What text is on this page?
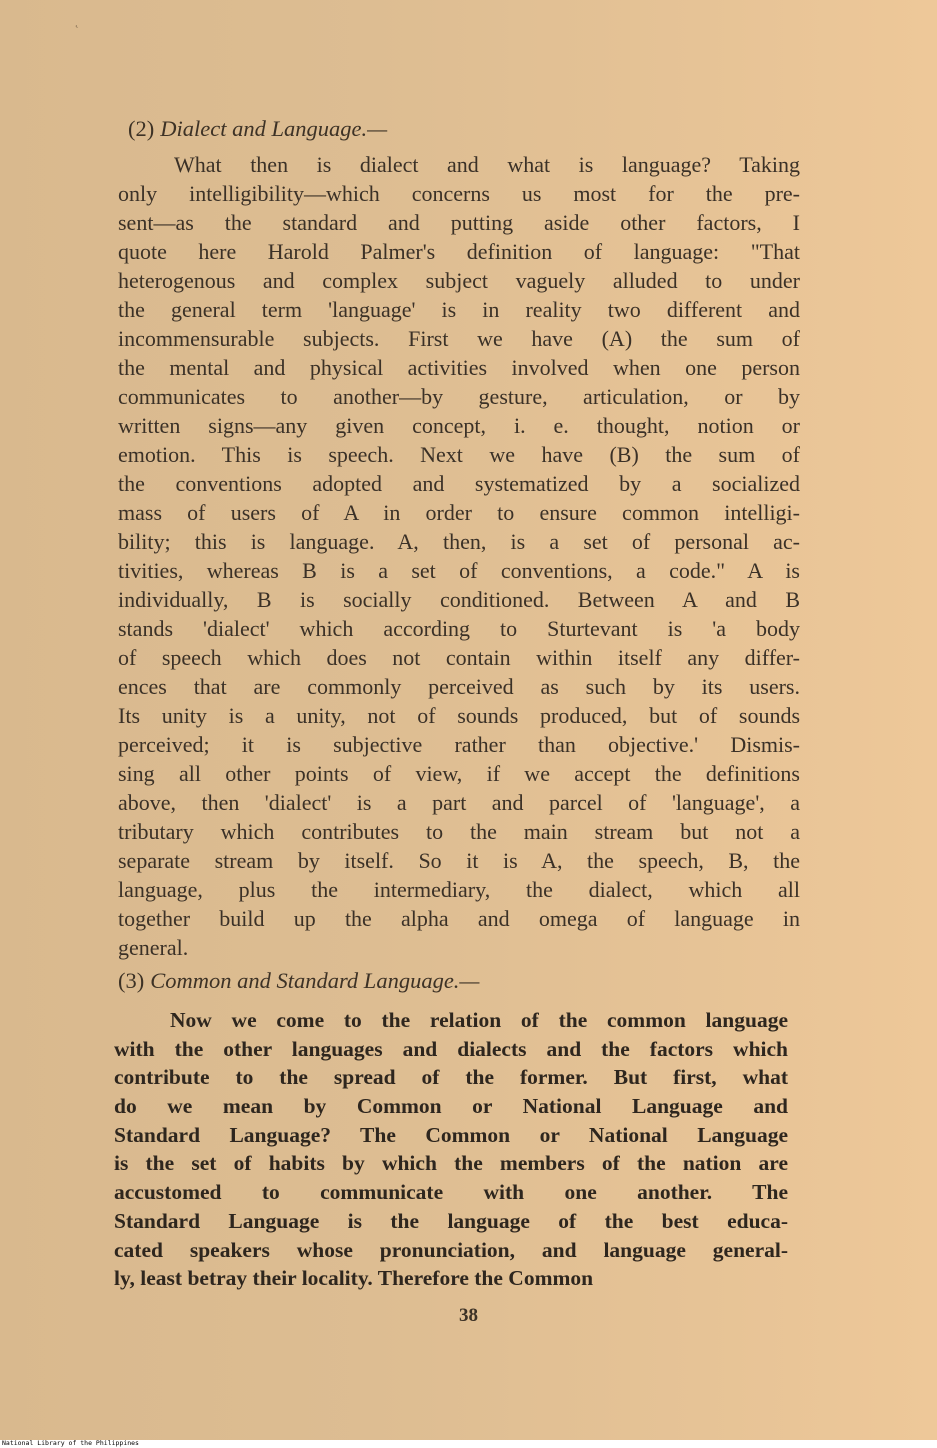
˛
(2) Dialect and Language.—
What then is dialect and what is language? Taking
only intelligibility—which concerns us most for the pre-
sent—as the standard and putting aside other factors, I
quote here Harold Palmer's definition of language: "That
heterogenous and complex subject vaguely alluded to under
the general term 'language' is in reality two different and
incommensurable subjects. First we have (A) the sum of
the mental and physical activities involved when one person
communicates to another—by gesture, articulation, or by
written signs—any given concept, i. e. thought, notion or
emotion. This is speech. Next we have (B) the sum of
the conventions adopted and systematized by a socialized
mass of users of A in order to ensure common intelligi-
bility; this is language. A, then, is a set of personal ac-
tivities, whereas B is a set of conventions, a code." A is
individually, B is socially conditioned. Between A and B
stands 'dialect' which according to Sturtevant is 'a body
of speech which does not contain within itself any differ-
ences that are commonly perceived as such by its users.
Its unity is a unity, not of sounds produced, but of sounds
perceived; it is subjective rather than objective.' Dismis-
sing all other points of view, if we accept the definitions
above, then 'dialect' is a part and parcel of 'language', a
tributary which contributes to the main stream but not a
separate stream by itself. So it is A, the speech, B, the
language, plus the intermediary, the dialect, which all
together build up the alpha and omega of language in
general.
(3) Common and Standard Language.—
Now we come to the relation of the common language
with the other languages and dialects and the factors which
contribute to the spread of the former. But first, what
do we mean by Common or National Language and
Standard Language? The Common or National Language
is the set of habits by which the members of the nation are
accustomed to communicate with one another. The
Standard Language is the language of the best educa-
cated speakers whose pronunciation, and language general-
ly, least betray their locality. Therefore the Common
38
National Library of the Philippines
